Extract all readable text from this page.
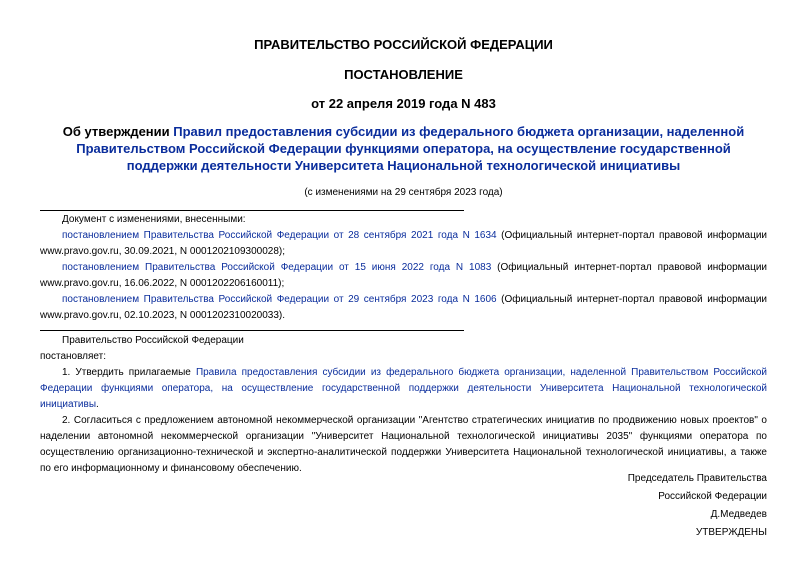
ПРАВИТЕЛЬСТВО РОССИЙСКОЙ ФЕДЕРАЦИИ
ПОСТАНОВЛЕНИЕ
от 22 апреля 2019 года N 483
Об утверждении Правил предоставления субсидии из федерального бюджета организации, наделенной Правительством Российской Федерации функциями оператора, на осуществление государственной поддержки деятельности Университета Национальной технологической инициативы
(с изменениями на 29 сентября 2023 года)
Документ с изменениями, внесенными:
постановлением Правительства Российской Федерации от 28 сентября 2021 года N 1634 (Официальный интернет-портал правовой информации www.pravo.gov.ru, 30.09.2021, N 0001202109300028);
постановлением Правительства Российской Федерации от 15 июня 2022 года N 1083 (Официальный интернет-портал правовой информации www.pravo.gov.ru, 16.06.2022, N 0001202206160011);
постановлением Правительства Российской Федерации от 29 сентября 2023 года N 1606 (Официальный интернет-портал правовой информации www.pravo.gov.ru, 02.10.2023, N 0001202310020033).
Правительство Российской Федерации
постановляет:
1. Утвердить прилагаемые Правила предоставления субсидии из федерального бюджета организации, наделенной Правительством Российской Федерации функциями оператора, на осуществление государственной поддержки деятельности Университета Национальной технологической инициативы.
2. Согласиться с предложением автономной некоммерческой организации "Агентство стратегических инициатив по продвижению новых проектов" о наделении автономной некоммерческой организации "Университет Национальной технологической инициативы 2035" функциями оператора по осуществлению организационно-технической и экспертно-аналитической поддержки Университета Национальной технологической инициативы, а также по его информационному и финансовому обеспечению.
Председатель Правительства
Российской Федерации
Д.Медведев
УТВЕРЖДЕНЫ
